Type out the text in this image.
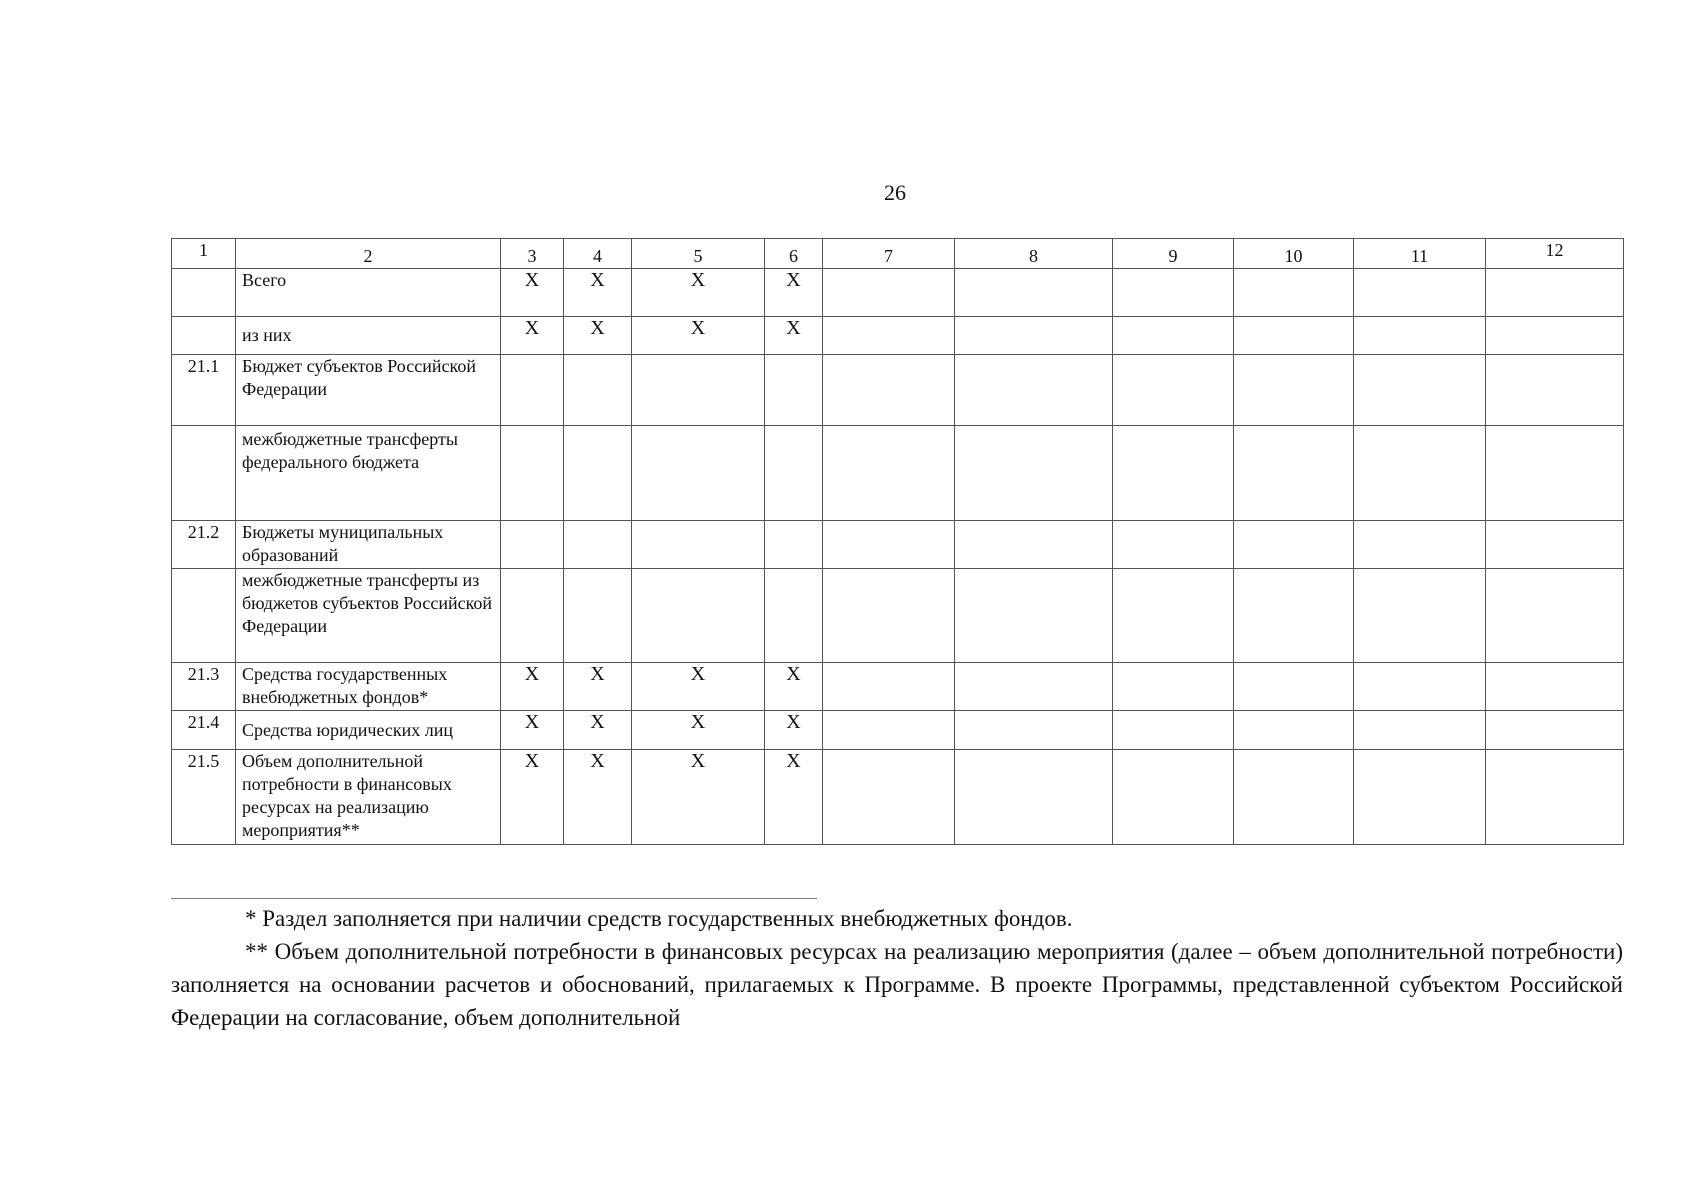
26
1	2	3	4	5	6	7	8	9	10	11	12	
	Всего	X	X	X	X							
	из них	X	X	X	X							
21.1	Бюджет субъектов Российской Федерации											
	межбюджетные трансферты федерального бюджета											
21.2	Бюджеты муниципальных образований											
	межбюджетные трансферты из бюджетов субъектов Российской Федерации											
21.3	Средства государственных внебюджетных фондов*	X	X	X	X							
21.4	Средства юридических лиц	X	X	X	X							
21.5	Объем дополнительной потребности в финансовых ресурсах на реализацию мероприятия**	X	X	X	X							

* Раздел заполняется при наличии средств государственных внебюджетных фондов.

** Объем дополнительной потребности в финансовых ресурсах на реализацию мероприятия (далее – объем дополнительной потребности) заполняется на основании расчетов и обоснований, прилагаемых к Программе. В проекте Программы, представленной субъектом Российской Федерации на согласование, объем дополнительной
